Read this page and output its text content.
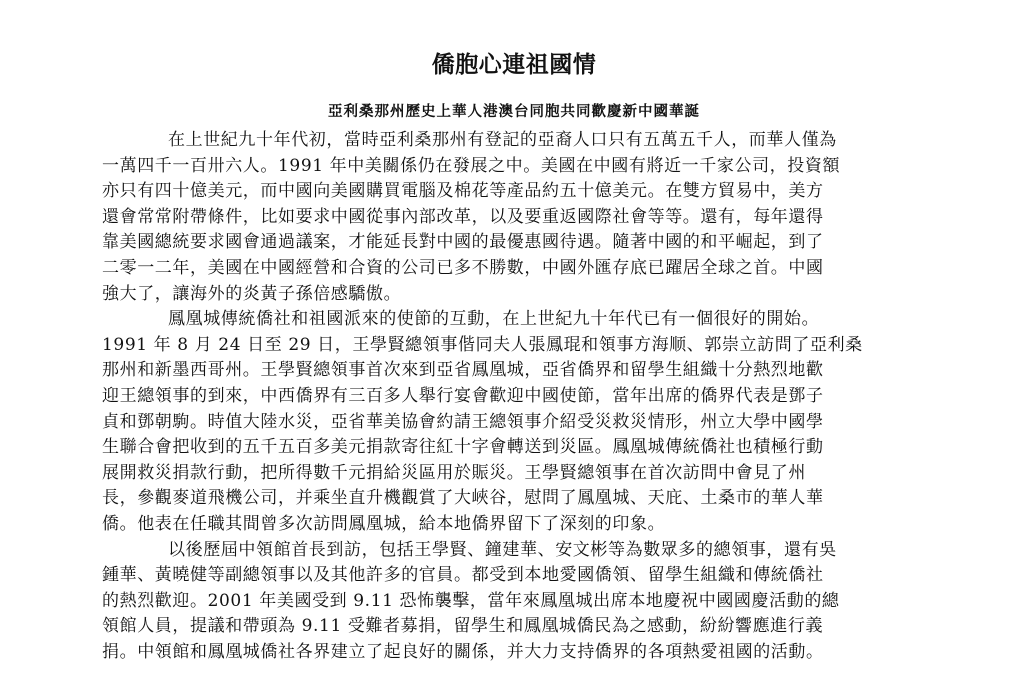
僑胞心連祖國情
亞利桑那州歷史上華人港澳台同胞共同歡慶新中國華誕
在上世紀九十年代初，當時亞利桑那州有登記的亞裔人口只有五萬五千人，而華人僅為
一萬四千一百卅六人。1991 年中美關係仍在發展之中。美國在中國有將近一千家公司，投資額
亦只有四十億美元，而中國向美國購買電腦及棉花等產品約五十億美元。在雙方貿易中，美方
還會常常附帶條件，比如要求中國從事內部改革，以及要重返國際社會等等。還有，每年還得
靠美國總統要求國會通過議案，才能延長對中國的最優惠國待遇。隨著中國的和平崛起，到了
二零一二年，美國在中國經營和合資的公司已多不勝數，中國外匯存底已躍居全球之首。中國
強大了，讓海外的炎黃子孫倍感驕傲。
鳳凰城傳統僑社和祖國派來的使節的互動，在上世紀九十年代已有一個很好的開始。
1991 年 8 月 24 日至 29 日，王學賢總領事偕同夫人張鳳琨和領事方海顺、郭崇立訪問了亞利桑
那州和新墨西哥州。王學賢總領事首次來到亞省鳳凰城，亞省僑界和留學生組織十分熱烈地歡
迎王總領事的到來，中西僑界有三百多人舉行宴會歡迎中國使節，當年出席的僑界代表是鄧子
貞和鄧朝駒。時值大陸水災，亞省華美協會約請王總領事介紹受災救災情形，州立大學中國學
生聯合會把收到的五千五百多美元捐款寄往紅十字會轉送到災區。鳳凰城傳統僑社也積極行動
展開救災捐款行動，把所得數千元捐給災區用於賑災。王學賢總領事在首次訪問中會見了州
長，參觀麥道飛機公司，并乘坐直升機觀賞了大峽谷，慰問了鳳凰城、天庇、土桑市的華人華
僑。他表在任職其間曾多次訪問鳳凰城，給本地僑界留下了深刻的印象。
以後歷屆中領館首長到訪，包括王學賢、鐘建華、安文彬等為數眾多的總領事，還有吳
鍾華、黃曉健等副總領事以及其他許多的官員。都受到本地愛國僑領、留學生組織和傳統僑社
的熱烈歡迎。2001 年美國受到 9.11 恐怖襲擊，當年來鳳凰城出席本地慶祝中國國慶活動的總
領館人員，提議和帶頭為 9.11 受難者募捐，留學生和鳳凰城僑民為之感動，紛紛響應進行義
捐。中領館和鳳凰城僑社各界建立了起良好的關係，并大力支持僑界的各項熱愛祖國的活動。
